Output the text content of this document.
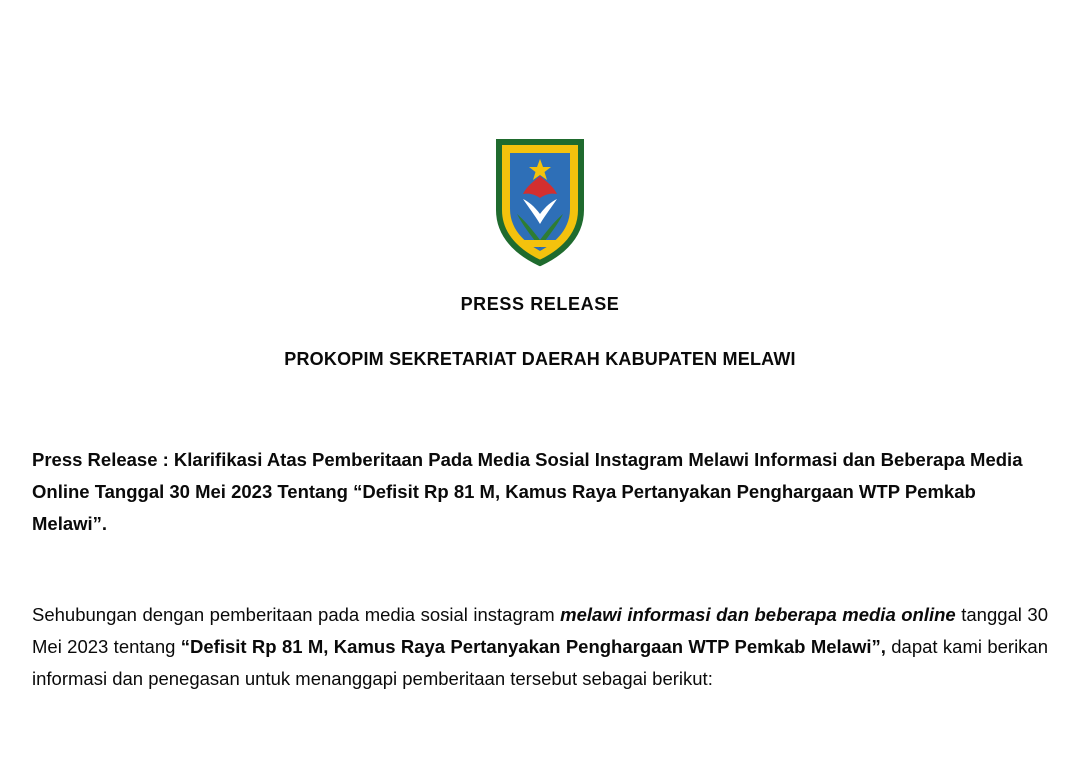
PRESS RELEASE
PROKOPIM SEKRETARIAT DAERAH KABUPATEN MELAWI

Press Release : Klarifikasi Atas Pemberitaan Pada Media Sosial Instagram Melawi Informasi dan Beberapa Media Online Tanggal 30 Mei 2023 Tentang “Defisit Rp 81 M, Kamus Raya Pertanyakan Penghargaan WTP Pemkab Melawi”.

Sehubungan dengan pemberitaan pada media sosial instagram melawi informasi dan beberapa media online tanggal 30 Mei 2023 tentang “Defisit Rp 81 M, Kamus Raya Pertanyakan Penghargaan WTP Pemkab Melawi”, dapat kami berikan informasi dan penegasan untuk menanggapi pemberitaan tersebut sebagai berikut:
